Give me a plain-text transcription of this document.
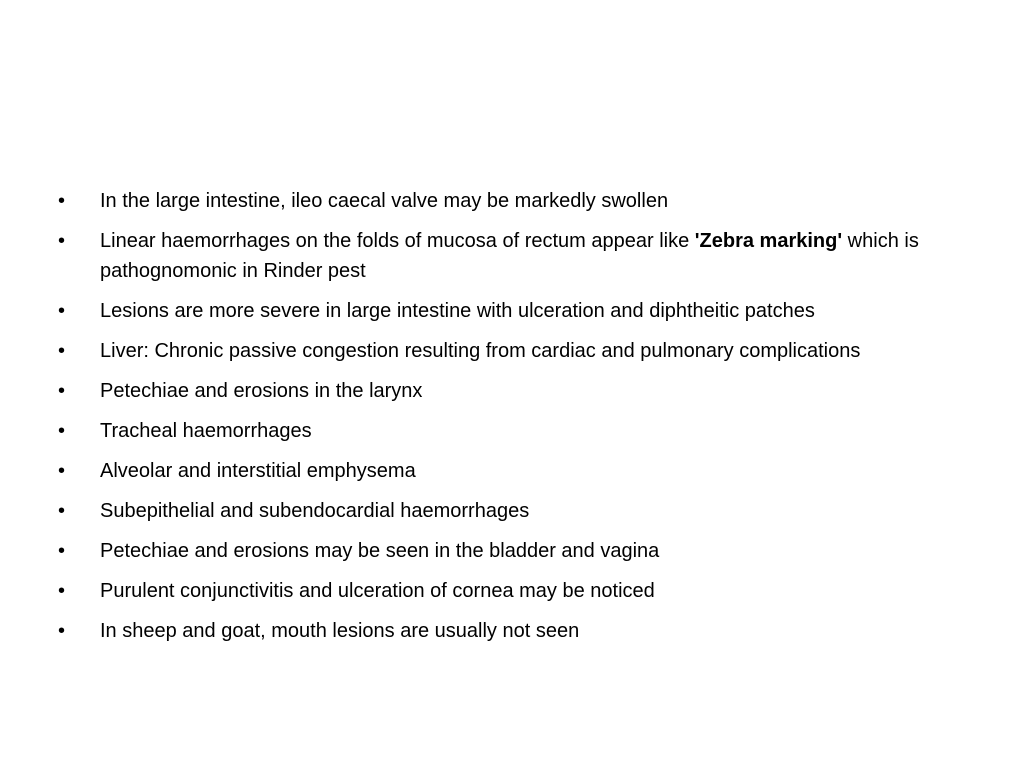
•	In the large intestine, ileo caecal valve may be markedly swollen
•	Linear haemorrhages on the folds of mucosa of rectum appear like 'Zebra marking' which is pathognomonic in Rinder pest
•	Lesions are more severe in large intestine with ulceration and diphtheitic patches
•	Liver: Chronic passive congestion resulting from cardiac and pulmonary complications
•	Petechiae and erosions in the larynx
•	Tracheal haemorrhages
•	Alveolar and interstitial emphysema
•	Subepithelial and subendocardial haemorrhages
•	Petechiae and erosions may be seen in the bladder and vagina
•	Purulent conjunctivitis and ulceration of cornea may be noticed
•	In sheep and goat, mouth lesions are usually not seen
